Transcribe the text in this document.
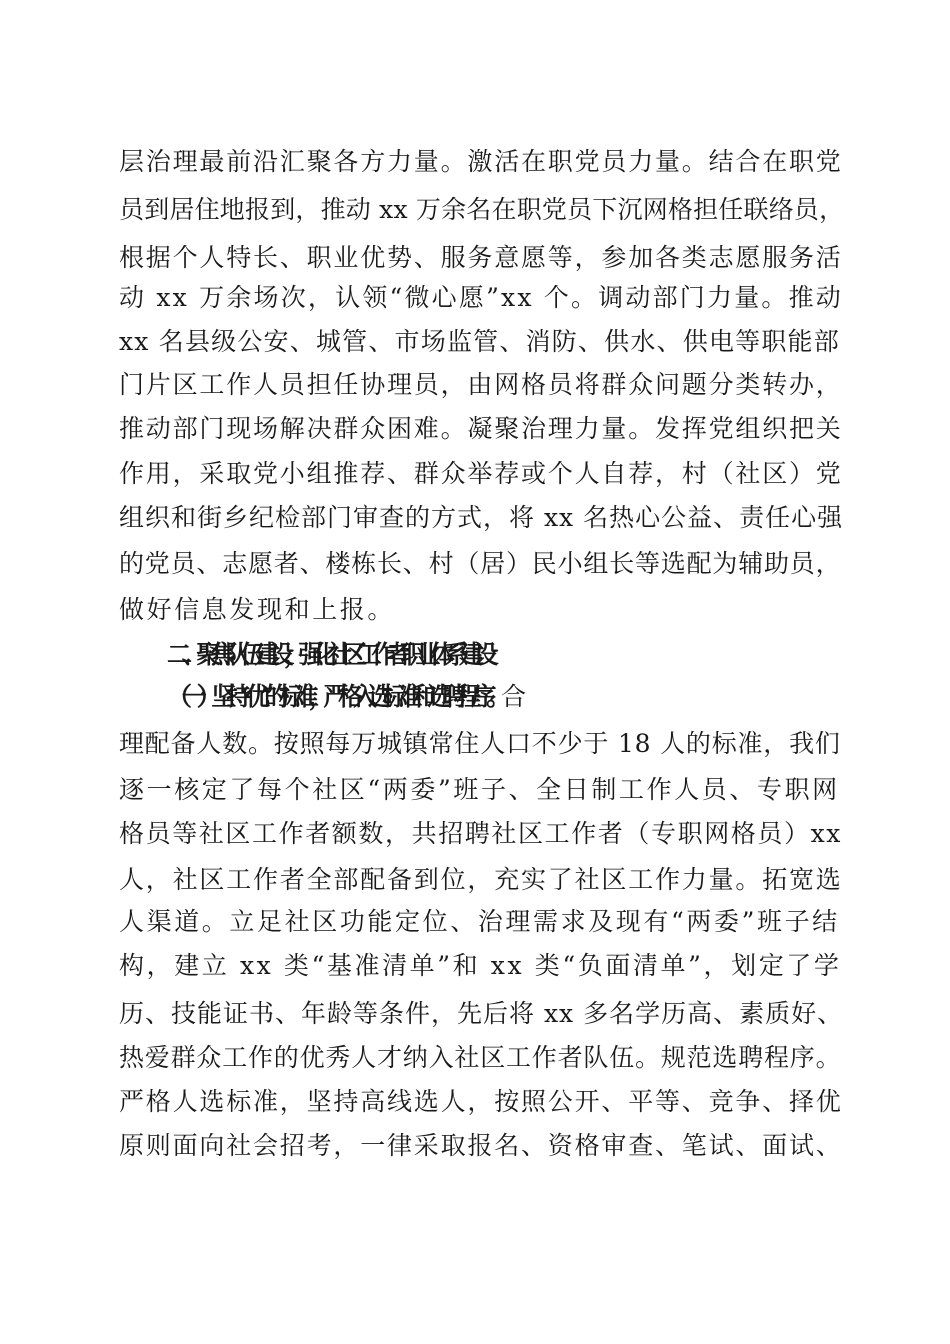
层治理最前沿汇聚各方力量。激活在职党员力量。结合在职党
员到居住地报到，推动 xx 万余名在职党员下沉网格担任联络员，
根据个人特长、职业优势、服务意愿等，参加各类志愿服务活
动 xx 万余场次，认领“微心愿”xx 个。调动部门力量。推动
xx 名县级公安、城管、市场监管、消防、供水、供电等职能部
门片区工作人员担任协理员，由网格员将群众问题分类转办，
推动部门现场解决群众困难。凝聚治理力量。发挥党组织把关
作用，采取党小组推荐、群众举荐或个人自荐，村（社区）党
组织和街乡纪检部门审查的方式，将 xx 名热心公益、责任心强
的党员、志愿者、楼栋长、村（居）民小组长等选配为辅助员，
做好信息发现和上报。
二、聚焦队伍建设，强化社区工作者职业体系建设
（一）坚持“优”的标准，严格入选标准和选聘程序。合
理配备人数。按照每万城镇常住人口不少于 18 人的标准，我们
逐一核定了每个社区“两委”班子、全日制工作人员、专职网
格员等社区工作者额数，共招聘社区工作者（专职网格员）xx
人，社区工作者全部配备到位，充实了社区工作力量。拓宽选
人渠道。立足社区功能定位、治理需求及现有“两委”班子结
构，建立 xx 类“基准清单”和 xx 类“负面清单”，划定了学
历、技能证书、年龄等条件，先后将 xx 多名学历高、素质好、
热爱群众工作的优秀人才纳入社区工作者队伍。规范选聘程序。
严格人选标准，坚持高线选人，按照公开、平等、竞争、择优
原则面向社会招考，一律采取报名、资格审查、笔试、面试、
